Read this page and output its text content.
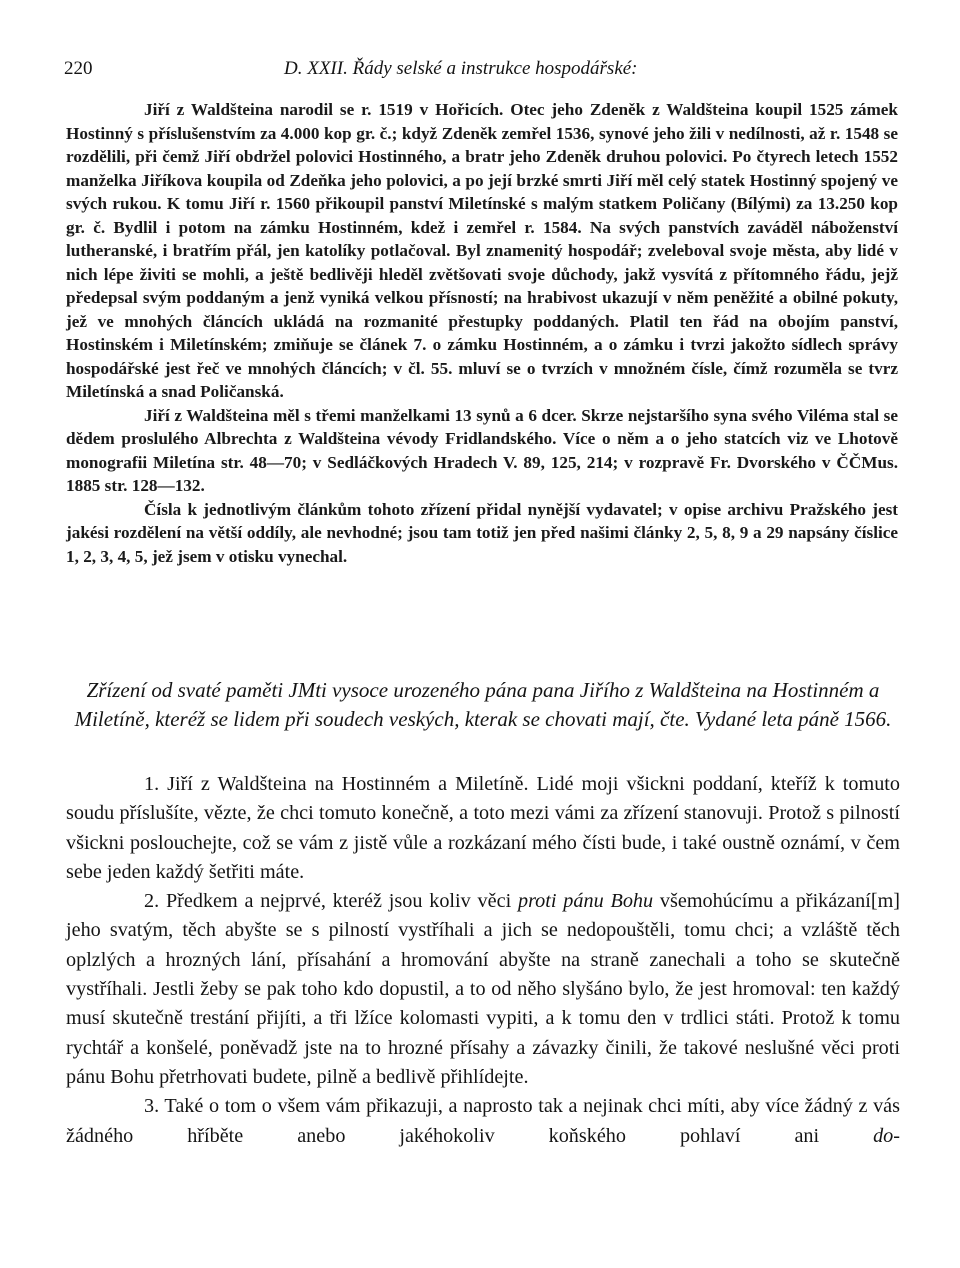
220	D. XXII. Řády selské a instrukce hospodářské:

Jiří z Waldšteina narodil se r. 1519 v Hořicích. Otec jeho Zdeněk z Waldšteina koupil 1525 zámek Hostinný s příslušenstvím za 4.000 kop gr. č.; když Zdeněk zemřel 1536, synové jeho žili v nedílnosti, až r. 1548 se rozdělili, při čemž Jiří obdržel polovici Hostinného, a bratr jeho Zdeněk druhou polovici. Po čtyrech letech 1552 manželka Jiříkova koupila od Zdeňka jeho polovici, a po její brzké smrti Jiří měl celý statek Hostinný spojený ve svých rukou. K tomu Jiří r. 1560 přikoupil panství Miletínské s malým statkem Poličany (Bílými) za 13.250 kop gr. č. Bydlil i potom na zámku Hostinném, kdež i zemřel r. 1584. Na svých panstvích zaváděl náboženství lutheranské, i bratřím přál, jen katolíky potlačoval. Byl znamenitý hospodář; zveleboval svoje města, aby lidé v nich lépe živiti se mohli, a ještě bedlivěji hleděl zvětšovati svoje důchody, jakž vysvítá z přítomného řádu, jejž předepsal svým poddaným a jenž vyniká velkou přísností; na hrabivost ukazují v něm peněžité a obilné pokuty, jež ve mnohých článcích ukládá na rozmanité přestupky poddaných. Platil ten řád na obojím panství, Hostinském i Miletínském; zmiňuje se článek 7. o zámku Hostinném, a o zámku i tvrzi jakožto sídlech správy hospodářské jest řeč ve mnohých článcích; v čl. 55. mluví se o tvrzích v množném čísle, čímž rozuměla se tvrz Miletínská a snad Poličanská.

Jiří z Waldšteina měl s třemi manželkami 13 synů a 6 dcer. Skrze nejstaršího syna svého Viléma stal se dědem proslulého Albrechta z Waldšteina vévody Fridlandského. Více o něm a o jeho statcích viz ve Lhotově monografii Miletína str. 48—70; v Sedláčkových Hradech V. 89, 125, 214; v rozpravě Fr. Dvorského v ČČMus. 1885 str. 128—132.

Čísla k jednotlivým článkům tohoto zřízení přidal nynější vydavatel; v opise archivu Pražského jest jakési rozdělení na větší oddíly, ale nevhodné; jsou tam totiž jen před našimi články 2, 5, 8, 9 a 29 napsány číslice 1, 2, 3, 4, 5, jež jsem v otisku vynechal.

Zřízení od svaté paměti JMti vysoce urozeného pána pana Jiřího z Waldšteina na Hostinném a Miletíně, kteréž se lidem při soudech veských, kterak se chovati mají, čte. Vydané leta páně 1566.

1. Jiří z Waldšteina na Hostinném a Miletíně. Lidé moji všickni poddaní, kteříž k tomuto soudu příslušíte, vězte, že chci tomuto konečně, a toto mezi vámi za zřízení stanovuji. Protož s pilností všickni poslouchejte, což se vám z jistě vůle a rozkázaní mého čísti bude, i také oustně oznámí, v čem sebe jeden každý šetřiti máte.

2. Předkem a nejprvé, kteréž jsou koliv věci proti pánu Bohu všemohúcímu a přikázaní[m] jeho svatým, těch abyšte se s pilností vystříhali a jich se nedopouštěli, tomu chci; a vzláště těch oplzlých a hrozných lání, přísahání a hromování abyšte na straně zanechali a toho se skutečně vystříhali. Jestli žeby se pak toho kdo dopustil, a to od něho slyšáno bylo, že jest hromoval: ten každý musí skutečně trestání přijíti, a tři lžíce kolomasti vypiti, a k tomu den v trdlici státi. Protož k tomu rychtář a konšelé, poněvadž jste na to hrozné přísahy a závazky činili, že takové neslušné věci proti pánu Bohu přetrhovati budete, pilně a bedlivě přihlídejte.

3. Také o tom o všem vám přikazuji, a naprosto tak a nejinak chci míti, aby více žádný z vás žádného hříběte anebo jakéhokoliv koňského pohlaví ani do-
